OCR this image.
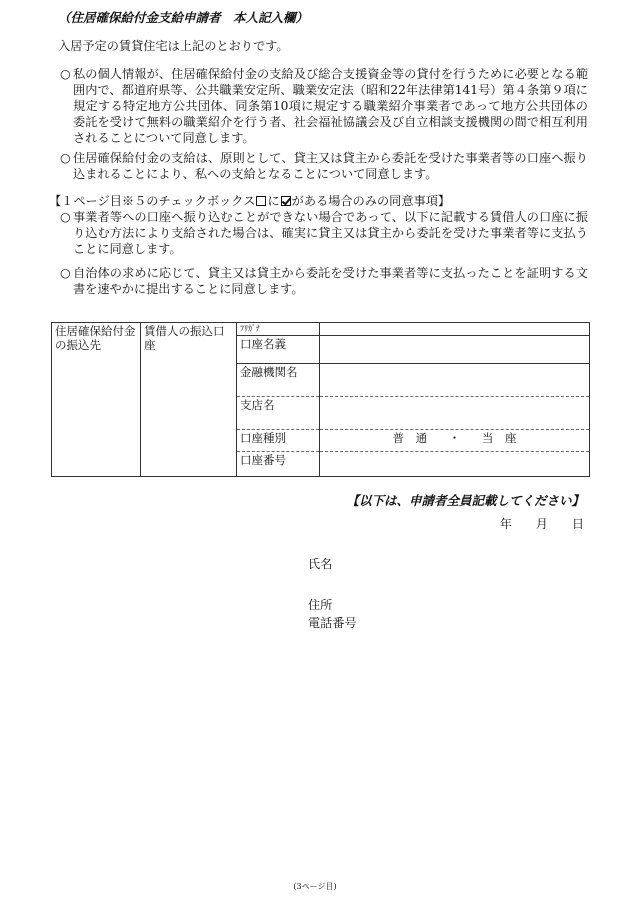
（住居確保給付金支給申請者　本人記入欄）
入居予定の賃貸住宅は上記のとおりです。
○ 私の個人情報が、住居確保給付金の支給及び総合支援資金等の貸付を行うために必要となる範囲内で、都道府県等、公共職業安定所、職業安定法（昭和22年法律第141号）第４条第９項に規定する特定地方公共団体、同条第10項に規定する職業紹介事業者であって地方公共団体の委託を受けて無料の職業紹介を行う者、社会福祉協議会及び自立相談支援機関の間で相互利用されることについて同意します。
○ 住居確保給付金の支給は、原則として、貸主又は貸主から委託を受けた事業者等の口座へ振り込まれることにより、私への支給となることについて同意します。
【１ページ目※５のチェックボックス に がある場合のみの同意事項】
○ 事業者等への口座へ振り込むことができない場合であって、以下に記載する賃借人の口座に振り込む方法により支給された場合は、確実に貸主又は貸主から委託を受けた事業者等に支払うことに同意します。
○ 自治体の求めに応じて、貸主又は貸主から委託を受けた事業者等に支払ったことを証明する文書を速やかに提出することに同意します。
住居確保給付金の振込先	賃借人の振込口座	ﾌﾘｶﾞﾅ	
		口座名義	
		金融機関名	
		支店名	
		口座種別	普　通 ・ 当　座

		口座番号	
【以下は、申請者全員記載してください】
年 月 日
氏名
住所
電話番号
(3ページ目)
